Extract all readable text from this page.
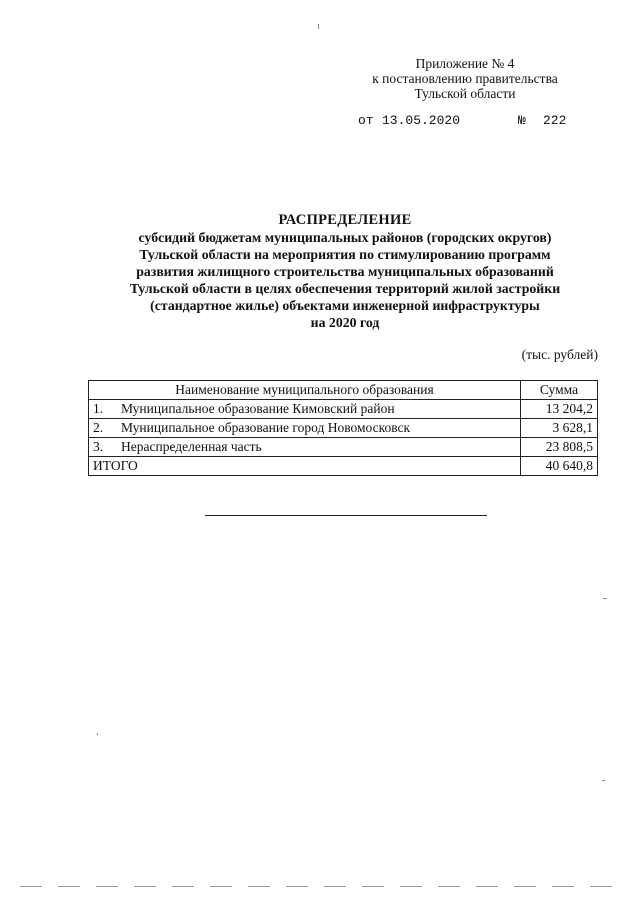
Приложение № 4
к постановлению правительства
Тульской области
от 13.05.2020	№ 222
РАСПРЕДЕЛЕНИЕ
субсидий бюджетам муниципальных районов (городских округов)
Тульской области на мероприятия по стимулированию программ
развития жилищного строительства муниципальных образований
Тульской области в целях обеспечения территорий жилой застройки
(стандартное жилье) объектами инженерной инфраструктуры
на 2020 год
(тыс. рублей)
Наименование муниципального образования	Сумма
1. Муниципальное образование Кимовский район	13 204,2
2. Муниципальное образование город Новомосковск	3 628,1
3. Нераспределенная часть	23 808,5
ИТОГО	40 640,8
